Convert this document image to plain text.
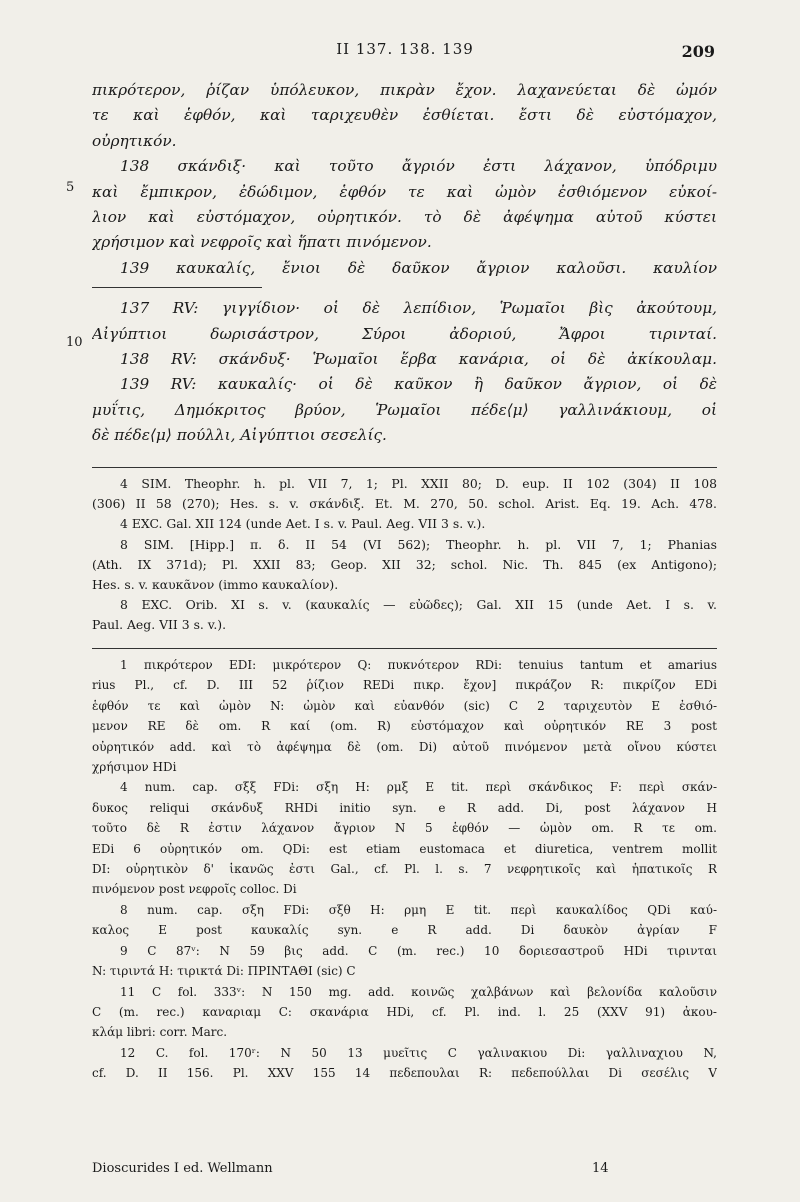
II 137. 138. 139	209
πικρότερον, ῥίζαν ὑπόλευκον, πικρὰν ἔχον. λαχανεύεται δὲ ὠμόν
τε καὶ ἑφθόν, καὶ ταριχευθὲν ἐσθίεται. ἔστι δὲ εὐστόμαχον,
οὐρητικόν.
138 σκάνδιξ· καὶ τοῦτο ἄγριόν ἐστι λάχανον, ὑπόδριμυ
καὶ ἔμπικρον, ἐδώδιμον, ἑφθόν τε καὶ ὠμὸν ἐσθιόμενον εὐκοί-
λιον καὶ εὐστόμαχον, οὐρητικόν. τὸ δὲ ἀφέψημα αὐτοῦ κύστει
χρήσιμον καὶ νεφροῖς καὶ ἥπατι πινόμενον.
139 καυκαλίς, ἔνιοι δὲ δαῦκον ἄγριον καλοῦσι. καυλίον
137 RV: γιγγίδιον· οἱ δὲ λεπίδιον, Ῥωμαῖοι βὶς ἀκούτουμ,
Αἰγύπτιοι δωρισάστρον, Σύροι ἀδοριού, Ἄφροι τιρινταί.
138 RV: σκάνδυξ· Ῥωμαῖοι ἕρβα κανάρια, οἱ δὲ ἀκίκουλαμ.
139 RV: καυκαλίς· οἱ δὲ καῦκον ἢ δαῦκον ἄγριον, οἱ δὲ
μυΐτις, Δημόκριτος βρύον, Ῥωμαῖοι πέδε⟨μ⟩ γαλλινάκιουμ, οἱ
δὲ πέδε⟨μ⟩ πούλλι, Αἰγύπτιοι σεσελίς.
5
10
4 SIM. Theophr. h. pl. VII 7, 1; Pl. XXII 80; D. eup. II 102 (304) II 108
(306) II 58 (270); Hes. s. v. σκάνδιξ. Et. M. 270, 50. schol. Arist. Eq. 19. Ach. 478.
4 EXC. Gal. XII 124 (unde Aet. I s. v. Paul. Aeg. VII 3 s. v.).
8 SIM. [Hipp.] π. δ. II 54 (VI 562); Theophr. h. pl. VII 7, 1; Phanias
(Ath. IX 371d); Pl. XXII 83; Geop. XII 32; schol. Nic. Th. 845 (ex Antigono);
Hes. s. v. καυκᾶνον (immo καυκαλίον).
8 EXC. Orib. XI s. v. (καυκαλίς — εὐῶδες); Gal. XII 15 (unde Aet. I s. v.
Paul. Aeg. VII 3 s. v.).
1 πικρότερον EDI: μικρότερον Q: πυκνότερον RDi: tenuius tantum et amarius
rius Pl., cf. D. III 52 ῥίζιον REDi πικρ. ἔχον] πικράζον R: πικρίζον EDi
ἑφθόν τε καὶ ὠμὸν N: ὠμὸν καὶ εὐανθόν (sic) C 2 ταριχευτὸν E ἐσθιό-
μενον RE δὲ om. R καί (om. R) εὐστόμαχον καὶ οὐρητικόν RE 3 post
οὐρητικόν add. καὶ τὸ ἀφέψημα δὲ (om. Di) αὐτοῦ πινόμενον μετὰ οἴνου κύστει
χρήσιμον HDi
4 num. cap. σξξ FDi: σξη H: ρμξ E tit. περὶ σκάνδικος F: περὶ σκάν-
δυκος reliqui σκάνδυξ RHDi initio syn. e R add. Di, post λάχανον H
τοῦτο δὲ R ἐστιν λάχανον ἄγριον N 5 ἑφθόν — ὠμὸν om. R τε om.
EDi 6 οὐρητικόν om. QDi: est etiam eustomaca et diuretica, ventrem mollit
DI: οὐρητικὸν δ' ἱκανῶς ἐστι Gal., cf. Pl. l. s. 7 νεφρητικοῖς καὶ ἡπατικοῖς R
πινόμενον post νεφροῖς colloc. Di
8 num. cap. σξη FDi: σξθ H: ρμη E tit. περὶ καυκαλίδος QDi καύ-
καλος E post καυκαλίς syn. e R add. Di δαυκὸν ἀγρίαν F
9 C 87ᵛ: N 59 βις add. C (m. rec.) 10 δοριεσαστροῦ HDi τιρινται
N: τιριντά H: τιρικτά Di: ΠΡΙΝΤΑΘΙ (sic) C
11 C fol. 333ᵛ: N 150 mg. add. κοινῶς χαλβάνων καὶ βελονίδα καλοῦσιν
C (m. rec.) καναριαμ C: σκανάρια HDi, cf. Pl. ind. l. 25 (XXV 91) ἀκου-
κλάμ libri: corr. Marc.
12 C. fol. 170ʳ: N 50 13 μυεῖτις C γαλινακιου Di: γαλλιναχιου N,
cf. D. II 156. Pl. XXV 155 14 πεδεπουλαι R: πεδεπούλλαι Di σεσέλις V
Dioscurides I ed. Wellmann	14
